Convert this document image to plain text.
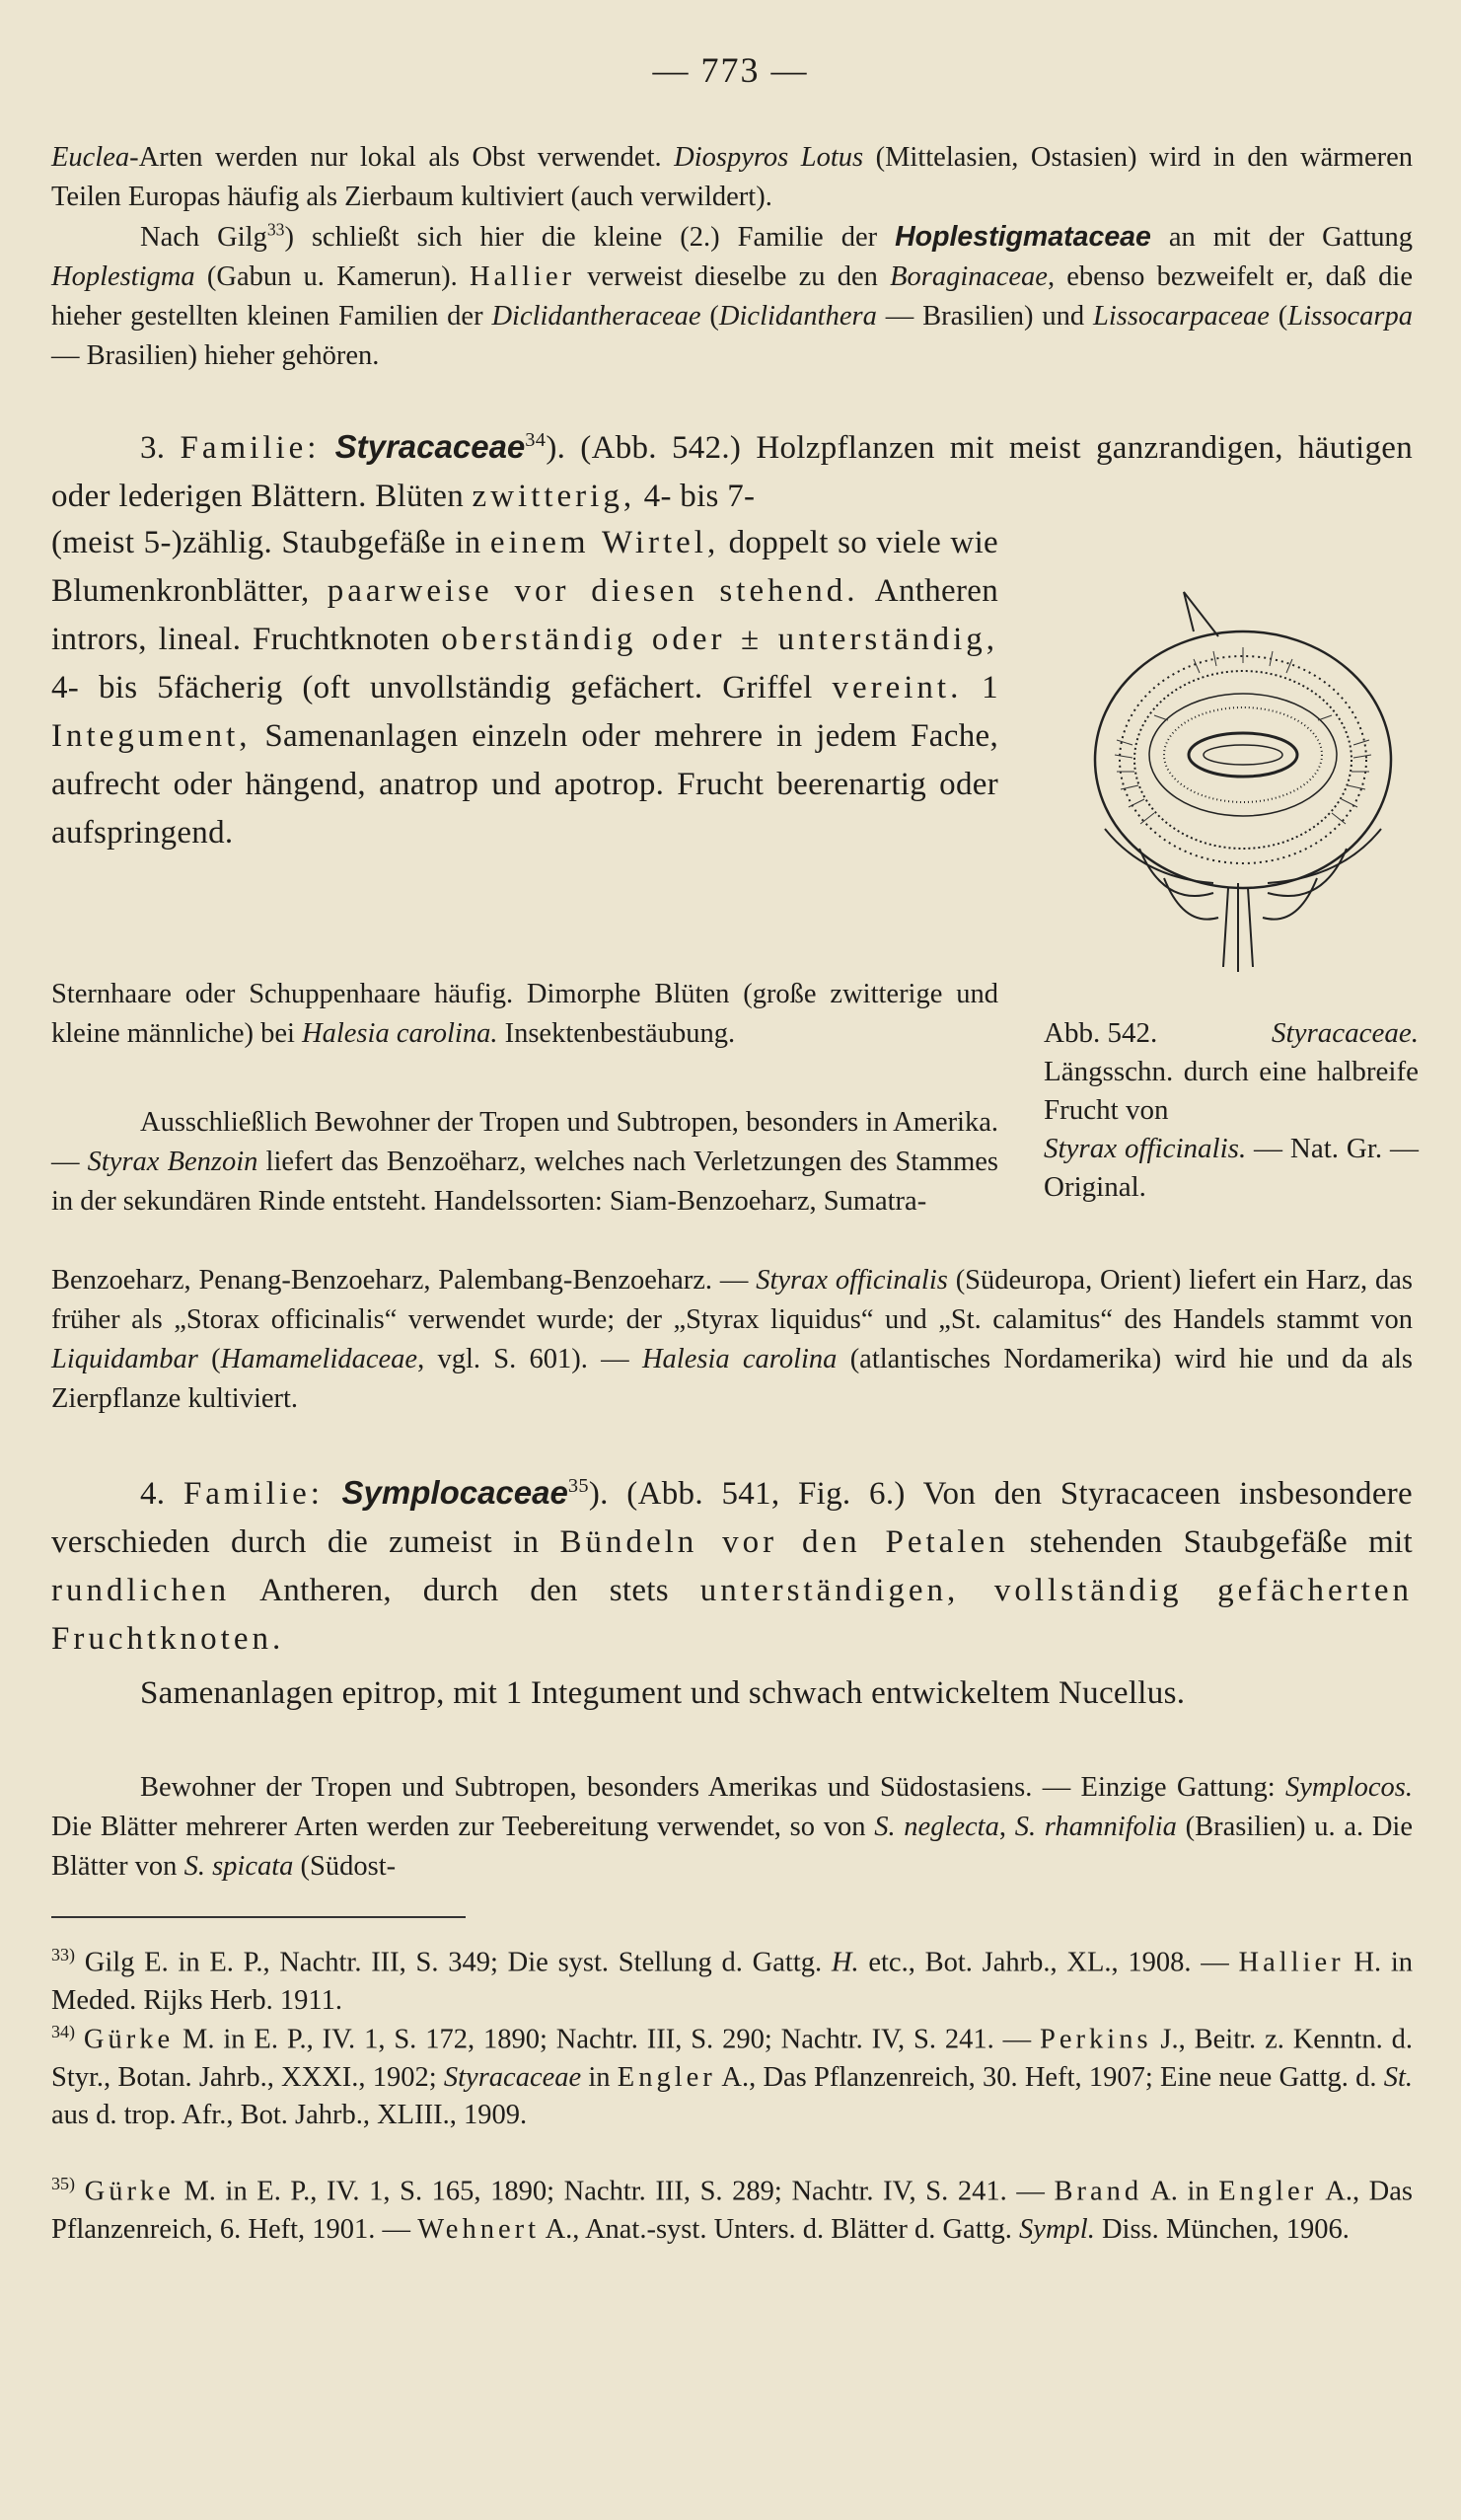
— 773 —

Euclea-Arten werden nur lokal als Obst verwendet. Diospyros Lotus (Mittelasien, Ostasien) wird in den wärmeren Teilen Europas häufig als Zierbaum kultiviert (auch verwildert).

Nach Gilg$^{33}$) schließt sich hier die kleine (2.) Familie der Hoplestigmataceae an mit der Gattung Hoplestigma (Gabun u. Kamerun). Hallier verweist dieselbe zu den Boraginaceae, ebenso bezweifelt er, daß die hieher gestellten kleinen Familien der Diclidantheraceae (Diclidanthera — Brasilien) und Lissocarpaceae (Lissocarpa — Brasilien) hieher gehören.

3. Familie: Styracaceae$^{34}$). (Abb. 542.) Holzpflanzen mit meist ganzrandigen, häutigen oder lederigen Blättern. Blüten zwitterig, 4- bis 7-

(meist 5-)zählig. Staubgefäße in einem Wirtel, doppelt so viele wie Blumenkronblätter, paarweise vor diesen stehend. Antheren intrors, lineal. Fruchtknoten oberständig oder ± unterständig, 4- bis 5fächerig (oft unvollständig gefächert. Griffel vereint. 1 Integument, Samenanlagen einzeln oder mehrere in jedem Fache, aufrecht oder hängend, anatrop und apotrop. Frucht beerenartig oder aufspringend.

Abb. 542.	Styracaceae.
Längsschn. durch eine halbreife Frucht von
Styrax officinalis. — Nat. Gr. — Original.

Sternhaare oder Schuppenhaare häufig. Dimorphe Blüten (große zwitterige und kleine männliche) bei Halesia carolina. Insektenbestäubung.

Ausschließlich Bewohner der Tropen und Subtropen, besonders in Amerika. — Styrax Benzoin liefert das Benzoëharz, welches nach Verletzungen des Stammes in der sekundären Rinde entsteht. Handelssorten: Siam-Benzoeharz, Sumatra-

Benzoeharz, Penang-Benzoeharz, Palembang-Benzoeharz. — Styrax officinalis (Südeuropa, Orient) liefert ein Harz, das früher als „Storax officinalis“ verwendet wurde; der „Styrax liquidus“ und „St. calamitus“ des Handels stammt von Liquidambar (Hamamelidaceae, vgl. S. 601). — Halesia carolina (atlantisches Nordamerika) wird hie und da als Zierpflanze kultiviert.

4. Familie: Symplocaceae$^{35}$). (Abb. 541, Fig. 6.) Von den Styracaceen insbesondere verschieden durch die zumeist in Bündeln vor den Petalen stehenden Staubgefäße mit rundlichen Antheren, durch den stets unterständigen, vollständig gefächerten Fruchtknoten.

Samenanlagen epitrop, mit 1 Integument und schwach entwickeltem Nucellus.

Bewohner der Tropen und Subtropen, besonders Amerikas und Südostasiens. — Einzige Gattung: Symplocos. Die Blätter mehrerer Arten werden zur Teebereitung verwendet, so von S. neglecta, S. rhamnifolia (Brasilien) u. a. Die Blätter von S. spicata (Südost-

$^{33)}$ Gilg E. in E. P., Nachtr. III, S. 349; Die syst. Stellung d. Gattg. H. etc., Bot. Jahrb., XL., 1908. — Hallier H. in Meded. Rijks Herb. 1911.

$^{34)}$ Gürke M. in E. P., IV. 1, S. 172, 1890; Nachtr. III, S. 290; Nachtr. IV, S. 241. — Perkins J., Beitr. z. Kenntn. d. Styr., Botan. Jahrb., XXXI., 1902; Styracaceae in Engler A., Das Pflanzenreich, 30. Heft, 1907; Eine neue Gattg. d. St. aus d. trop. Afr., Bot. Jahrb., XLIII., 1909.

$^{35)}$ Gürke M. in E. P., IV. 1, S. 165, 1890; Nachtr. III, S. 289; Nachtr. IV, S. 241. — Brand A. in Engler A., Das Pflanzenreich, 6. Heft, 1901. — Wehnert A., Anat.-syst. Unters. d. Blätter d. Gattg. Sympl. Diss. München, 1906.
